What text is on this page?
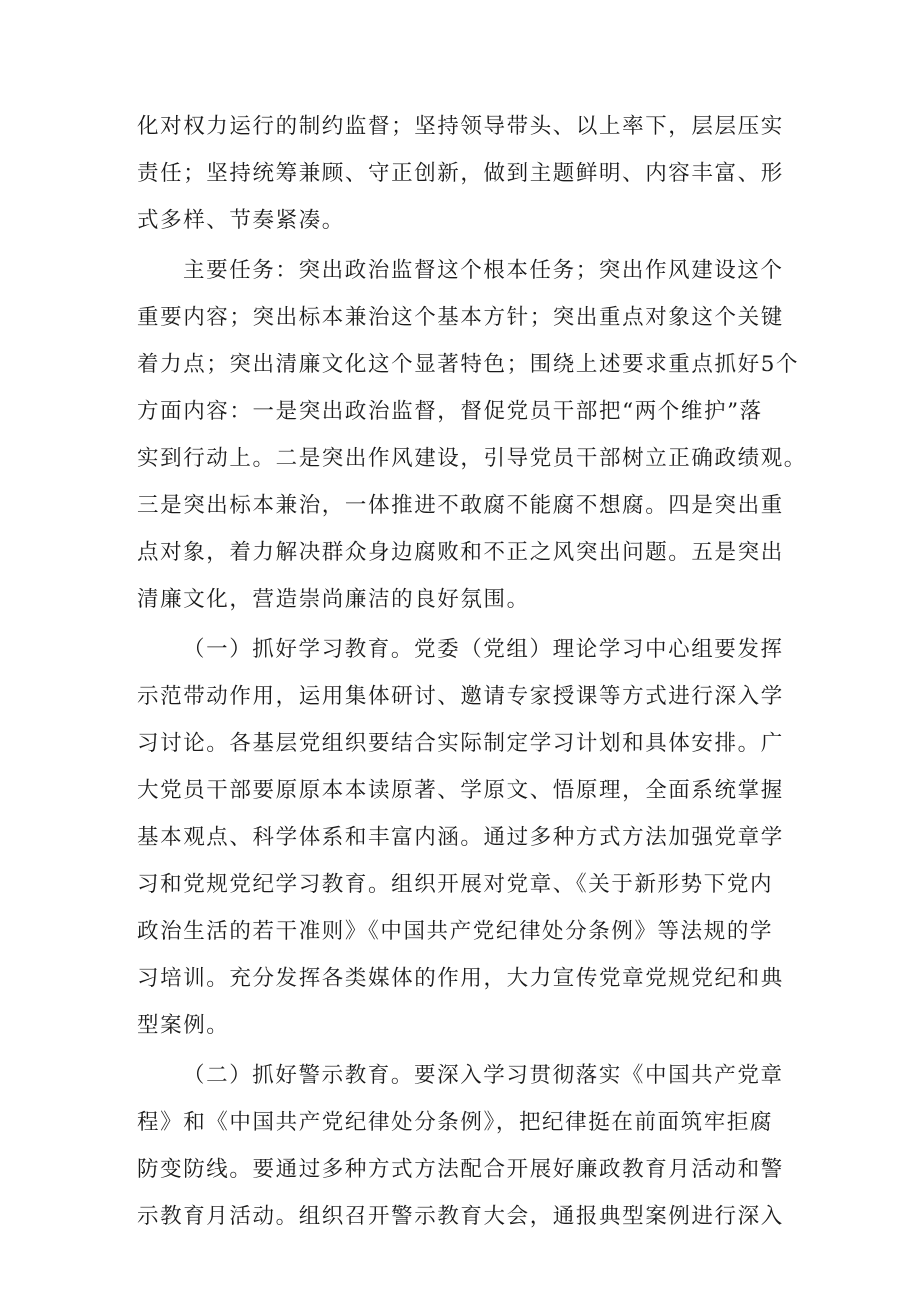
化对权力运行的制约监督；坚持领导带头、以上率下，层层压实
责任；坚持统筹兼顾、守正创新，做到主题鲜明、内容丰富、形
式多样、节奏紧凑。
主要任务：突出政治监督这个根本任务；突出作风建设这个
重要内容；突出标本兼治这个基本方针；突出重点对象这个关键
着力点；突出清廉文化这个显著特色；围绕上述要求重点抓好5个
方面内容：一是突出政治监督，督促党员干部把“两个维护”落
实到行动上。二是突出作风建设，引导党员干部树立正确政绩观。
三是突出标本兼治，一体推进不敢腐不能腐不想腐。四是突出重
点对象，着力解决群众身边腐败和不正之风突出问题。五是突出
清廉文化，营造崇尚廉洁的良好氛围。
（一）抓好学习教育。党委（党组）理论学习中心组要发挥
示范带动作用，运用集体研讨、邀请专家授课等方式进行深入学
习讨论。各基层党组织要结合实际制定学习计划和具体安排。广
大党员干部要原原本本读原著、学原文、悟原理，全面系统掌握
基本观点、科学体系和丰富内涵。通过多种方式方法加强党章学
习和党规党纪学习教育。组织开展对党章、《关于新形势下党内
政治生活的若干准则》《中国共产党纪律处分条例》等法规的学
习培训。充分发挥各类媒体的作用，大力宣传党章党规党纪和典
型案例。
（二）抓好警示教育。要深入学习贯彻落实《中国共产党章
程》和《中国共产党纪律处分条例》，把纪律挺在前面筑牢拒腐
防变防线。要通过多种方式方法配合开展好廉政教育月活动和警
示教育月活动。组织召开警示教育大会，通报典型案例进行深入
